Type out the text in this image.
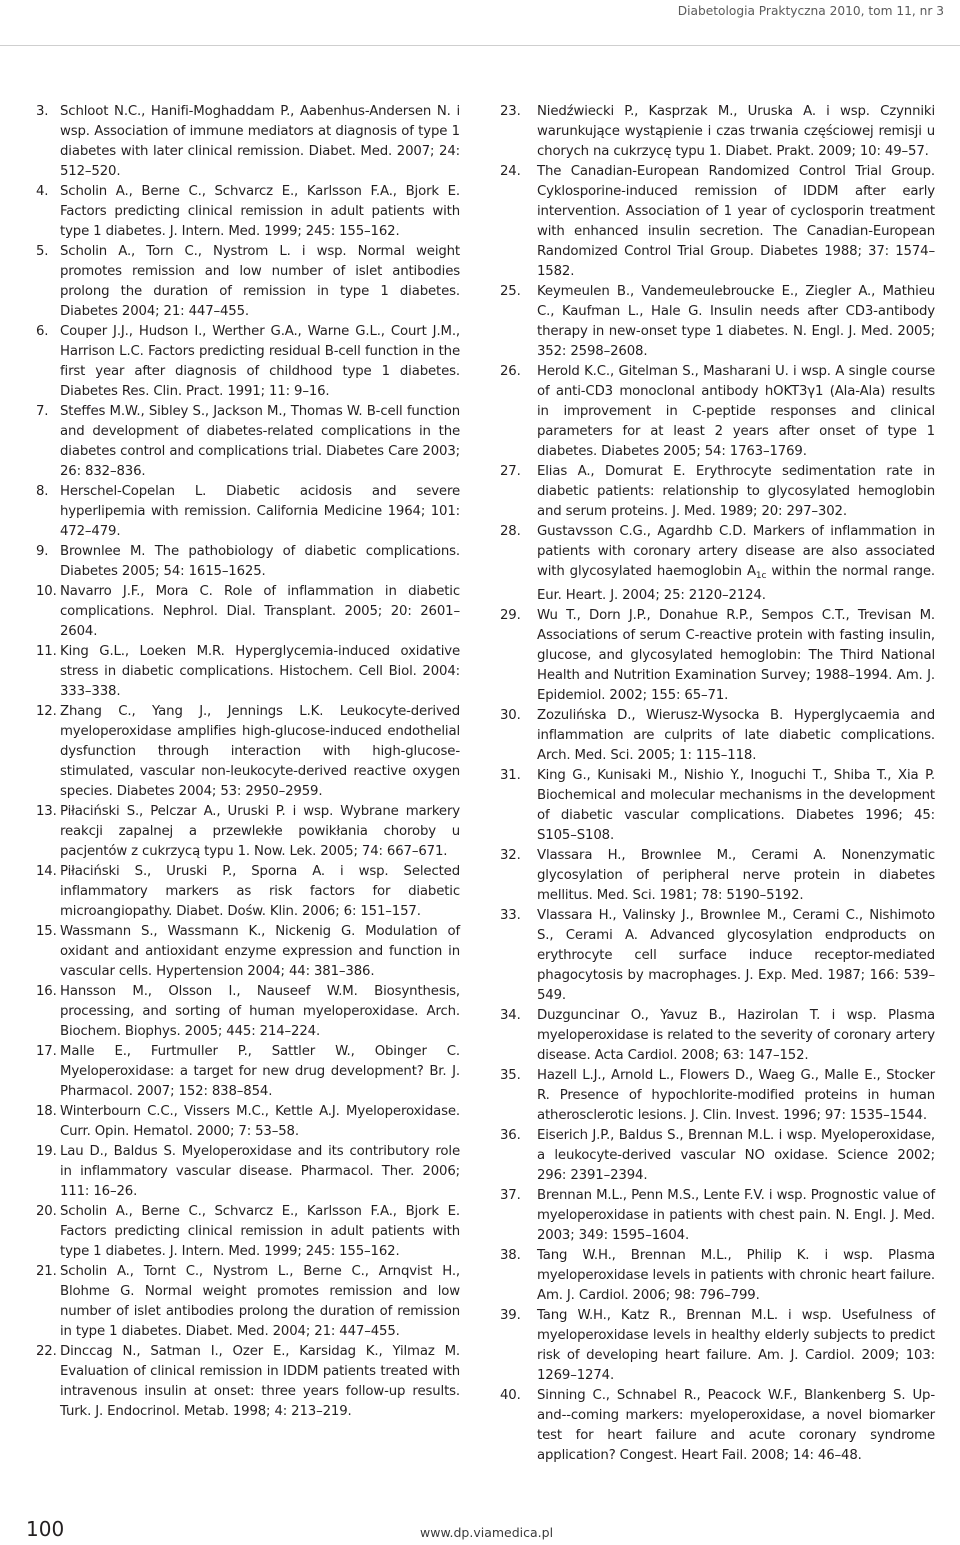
Diabetologia Praktyczna 2010, tom 11, nr 3
3. Schloot N.C., Hanifi-Moghaddam P., Aabenhus-Andersen N. i wsp. Association of immune mediators at diagnosis of type 1 diabetes with later clinical remission. Diabet. Med. 2007; 24: 512–520.
4. Scholin A., Berne C., Schvarcz E., Karlsson F.A., Bjork E. Factors predicting clinical remission in adult patients with type 1 diabetes. J. Intern. Med. 1999; 245: 155–162.
5. Scholin A., Torn C., Nystrom L. i wsp. Normal weight promotes remission and low number of islet antibodies prolong the duration of remission in type 1 diabetes. Diabetes 2004; 21: 447–455.
6. Couper J.J., Hudson I., Werther G.A., Warne G.L., Court J.M., Harrison L.C. Factors predicting residual B-cell function in the first year after diagnosis of childhood type 1 diabetes. Diabetes Res. Clin. Pract. 1991; 11: 9–16.
7. Steffes M.W., Sibley S., Jackson M., Thomas W. B-cell function and development of diabetes-related complications in the diabetes control and complications trial. Diabetes Care 2003; 26: 832–836.
8. Herschel-Copelan L. Diabetic acidosis and severe hyperlipemia with remission. California Medicine 1964; 101: 472–479.
9. Brownlee M. The pathobiology of diabetic complications. Diabetes 2005; 54: 1615–1625.
10. Navarro J.F., Mora C. Role of inflammation in diabetic complications. Nephrol. Dial. Transplant. 2005; 20: 2601–2604.
11. King G.L., Loeken M.R. Hyperglycemia-induced oxidative stress in diabetic complications. Histochem. Cell Biol. 2004: 333–338.
12. Zhang C., Yang J., Jennings L.K. Leukocyte-derived myeloperoxidase amplifies high-glucose-induced endothelial dysfunction through interaction with high-glucose-stimulated, vascular non-leukocyte-derived reactive oxygen species. Diabetes 2004; 53: 2950–2959.
13. Piłaciński S., Pelczar A., Uruski P. i wsp. Wybrane markery reakcji zapalnej a przewlekłe powikłania choroby u pacjentów z cukrzycą typu 1. Now. Lek. 2005; 74: 667–671.
14. Piłaciński S., Uruski P., Sporna A. i wsp. Selected inflammatory markers as risk factors for diabetic microangiopathy. Diabet. Dośw. Klin. 2006; 6: 151–157.
15. Wassmann S., Wassmann K., Nickenig G. Modulation of oxidant and antioxidant enzyme expression and function in vascular cells. Hypertension 2004; 44: 381–386.
16. Hansson M., Olsson I., Nauseef W.M. Biosynthesis, processing, and sorting of human myeloperoxidase. Arch. Biochem. Biophys. 2005; 445: 214–224.
17. Malle E., Furtmuller P., Sattler W., Obinger C. Myeloperoxidase: a target for new drug development? Br. J. Pharmacol. 2007; 152: 838–854.
18. Winterbourn C.C., Vissers M.C., Kettle A.J. Myeloperoxidase. Curr. Opin. Hematol. 2000; 7: 53–58.
19. Lau D., Baldus S. Myeloperoxidase and its contributory role in inflammatory vascular disease. Pharmacol. Ther. 2006; 111: 16–26.
20. Scholin A., Berne C., Schvarcz E., Karlsson F.A., Bjork E. Factors predicting clinical remission in adult patients with type 1 diabetes. J. Intern. Med. 1999; 245: 155–162.
21. Scholin A., Tornt C., Nystrom L., Berne C., Arnqvist H., Blohme G. Normal weight promotes remission and low number of islet antibodies prolong the duration of remission in type 1 diabetes. Diabet. Med. 2004; 21: 447–455.
22. Dinccag N., Satman I., Ozer E., Karsidag K., Yilmaz M. Evaluation of clinical remission in IDDM patients treated with intravenous insulin at onset: three years follow-up results. Turk. J. Endocrinol. Metab. 1998; 4: 213–219.
23.	Niedźwiecki P., Kasprzak M., Uruska A. i wsp. Czynniki warunkujące wystąpienie i czas trwania częściowej remisji u chorych na cukrzycę typu 1. Diabet. Prakt. 2009; 10: 49–57.
24.	The Canadian-European Randomized Control Trial Group. Cyklosporine-induced remission of IDDM after early intervention. Association of 1 year of cyclosporin treatment with enhanced insulin secretion. The Canadian-European Randomized Control Trial Group. Diabetes 1988; 37: 1574–1582.
25.	Keymeulen B., Vandemeulebroucke E., Ziegler A., Mathieu C., Kaufman L., Hale G. Insulin needs after CD3-antibody therapy in new-onset type 1 diabetes. N. Engl. J. Med. 2005; 352: 2598–2608.
26.	Herold K.C., Gitelman S., Masharani U. i wsp. A single course of anti-CD3 monoclonal antibody hOKT3γ1 (Ala-Ala) results in improvement in C-peptide responses and clinical parameters for at least 2 years after onset of type 1 diabetes. Diabetes 2005; 54: 1763–1769.
27.	Elias A., Domurat E. Erythrocyte sedimentation rate in diabetic patients: relationship to glycosylated hemoglobin and serum proteins. J. Med. 1989; 20: 297–302.
28.	Gustavsson C.G., Agardhb C.D. Markers of inflammation in patients with coronary artery disease are also associated with glycosylated haemoglobin $A_{1c}$ within the normal range. Eur. Heart. J. 2004; 25: 2120–2124.
29.	Wu T., Dorn J.P., Donahue R.P., Sempos C.T., Trevisan M. Associations of serum C-reactive protein with fasting insulin, glucose, and glycosylated hemoglobin: The Third National Health and Nutrition Examination Survey; 1988–1994. Am. J. Epidemiol. 2002; 155: 65–71.
30.	Zozulińska D., Wierusz-Wysocka B. Hyperglycaemia and inflammation are culprits of late diabetic complications. Arch. Med. Sci. 2005; 1: 115–118.
31.	King G., Kunisaki M., Nishio Y., Inoguchi T., Shiba T., Xia P. Biochemical and molecular mechanisms in the development of diabetic vascular complications. Diabetes 1996; 45: S105–S108.
32.	Vlassara H., Brownlee M., Cerami A. Nonenzymatic glycosylation of peripheral nerve protein in diabetes mellitus. Med. Sci. 1981; 78: 5190–5192.
33.	Vlassara H., Valinsky J., Brownlee M., Cerami C., Nishimoto S., Cerami A. Advanced glycosylation endproducts on erythrocyte cell surface induce receptor-mediated phagocytosis by macrophages. J. Exp. Med. 1987; 166: 539–549.
34.	Duzguncinar O., Yavuz B., Hazirolan T. i wsp. Plasma myeloperoxidase is related to the severity of coronary artery disease. Acta Cardiol. 2008; 63: 147–152.
35.	Hazell L.J., Arnold L., Flowers D., Waeg G., Malle E., Stocker R. Presence of hypochlorite-modified proteins in human atherosclerotic lesions. J. Clin. Invest. 1996; 97: 1535–1544.
36.	Eiserich J.P., Baldus S., Brennan M.L. i wsp. Myeloperoxidase, a leukocyte-derived vascular NO oxidase. Science 2002; 296: 2391–2394.
37.	Brennan M.L., Penn M.S., Lente F.V. i wsp. Prognostic value of myeloperoxidase in patients with chest pain. N. Engl. J. Med. 2003; 349: 1595–1604.
38.	Tang W.H., Brennan M.L., Philip K. i wsp. Plasma myeloperoxidase levels in patients with chronic heart failure. Am. J. Cardiol. 2006; 98: 796–799.
39.	Tang W.H., Katz R., Brennan M.L. i wsp. Usefulness of myeloperoxidase levels in healthy elderly subjects to predict risk of developing heart failure. Am. J. Cardiol. 2009; 103: 1269–1274.
40.	Sinning C., Schnabel R., Peacock W.F., Blankenberg S. Up-and--coming markers: myeloperoxidase, a novel biomarker test for heart failure and acute coronary syndrome application? Congest. Heart Fail. 2008; 14: 46–48.
100	www.dp.viamedica.pl
